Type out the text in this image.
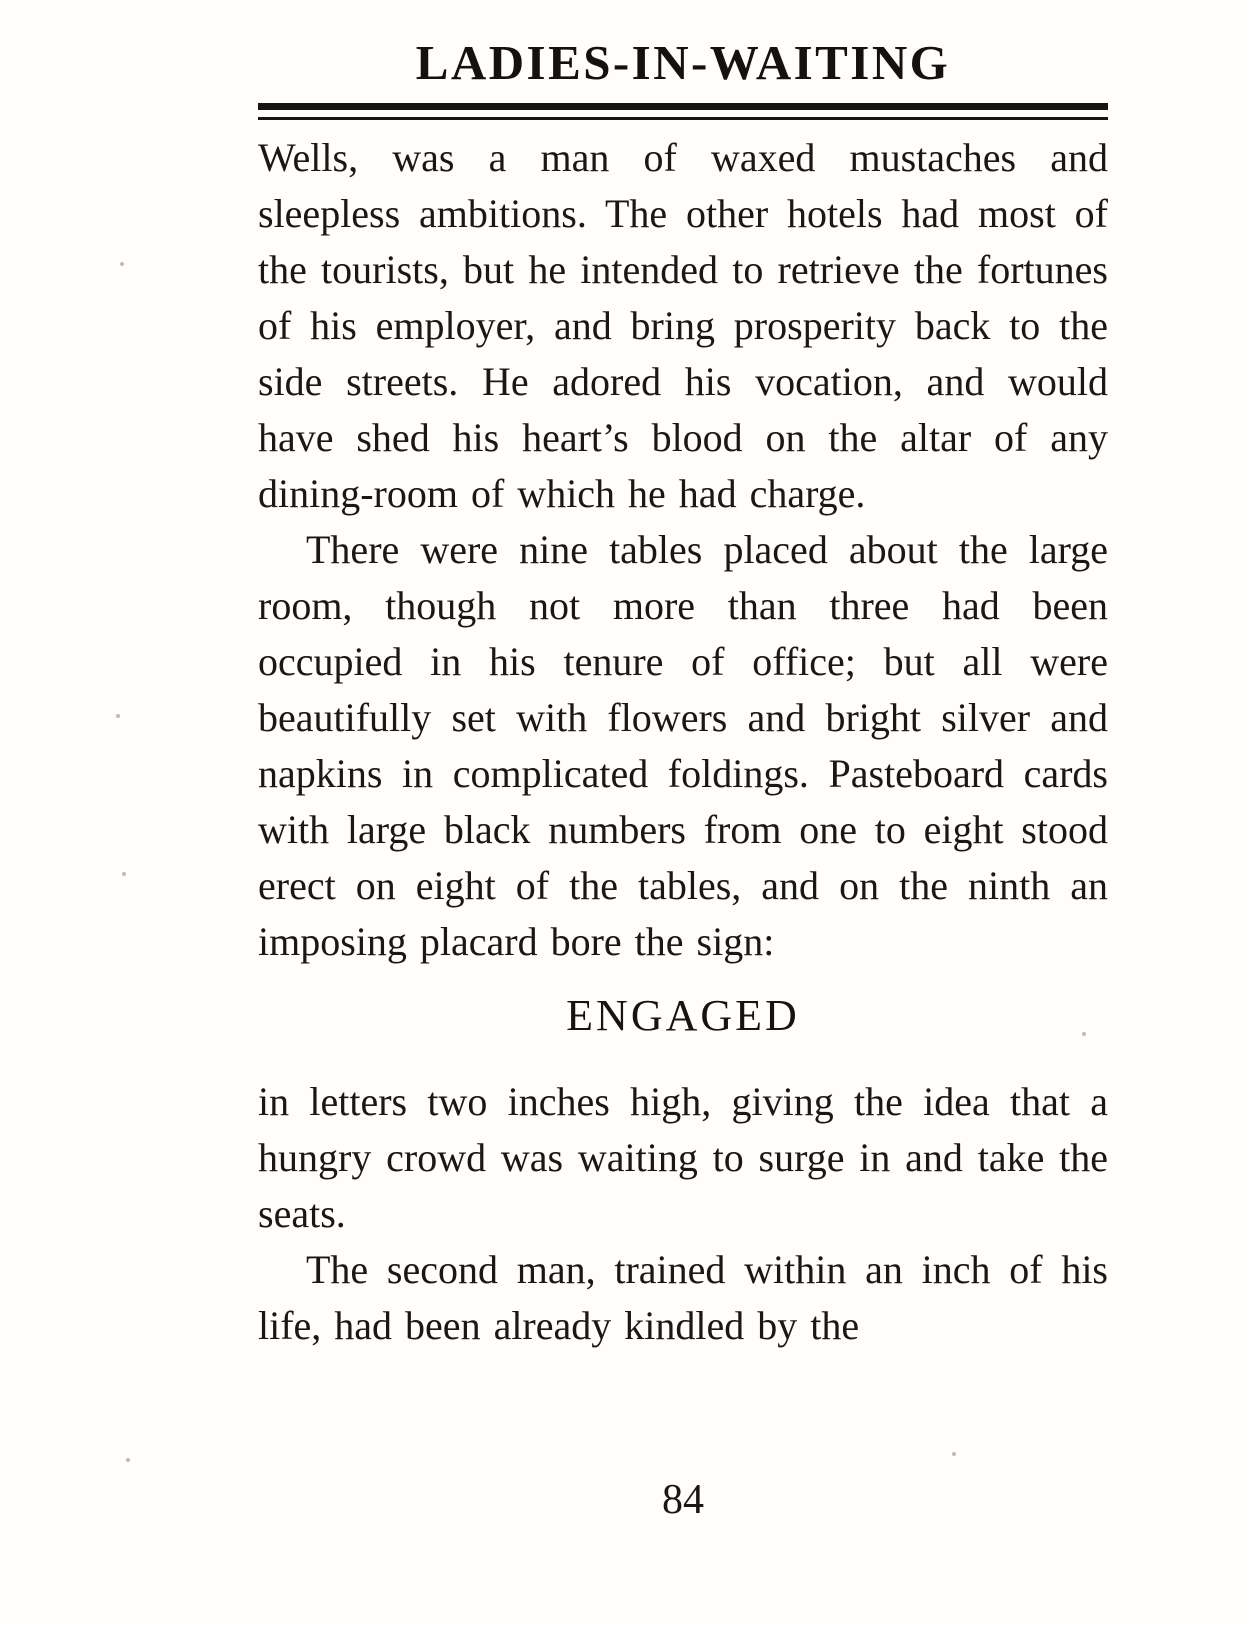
LADIES-IN-WAITING

Wells, was a man of waxed mustaches and sleepless ambitions. The other hotels had most of the tourists, but he intended to retrieve the fortunes of his employer, and bring prosperity back to the side streets. He adored his vocation, and would have shed his heart’s blood on the altar of any dining-room of which he had charge.

There were nine tables placed about the large room, though not more than three had been occupied in his tenure of office; but all were beautifully set with flowers and bright silver and napkins in complicated foldings. Pasteboard cards with large black numbers from one to eight stood erect on eight of the tables, and on the ninth an imposing placard bore the sign:

ENGAGED

in letters two inches high, giving the idea that a hungry crowd was waiting to surge in and take the seats.

The second man, trained within an inch of his life, had been already kindled by the

84
